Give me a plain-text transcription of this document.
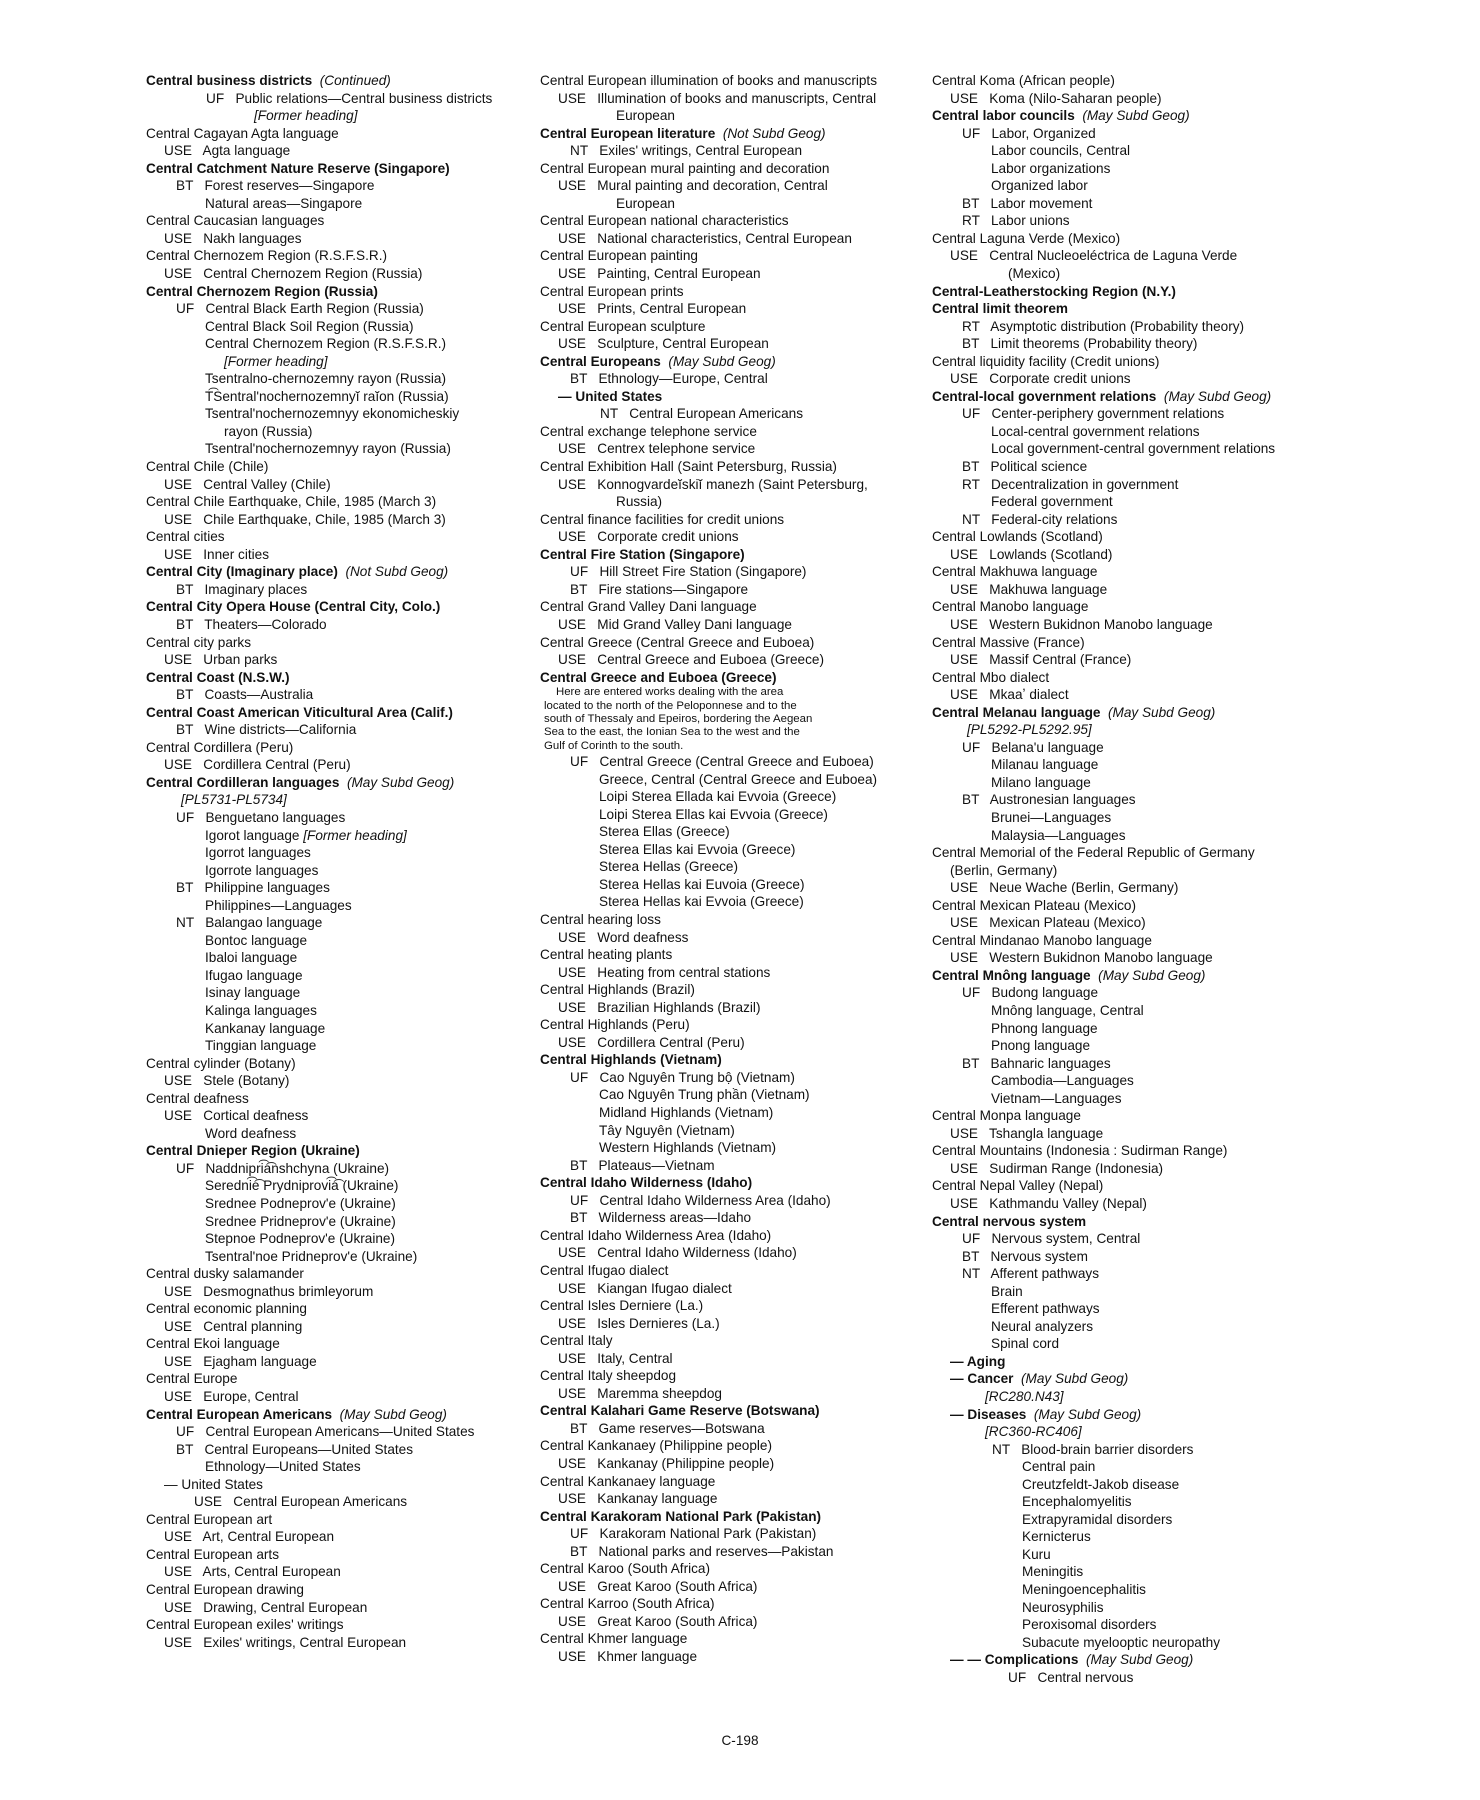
Central business districts  (Continued)
UF   Public relations—Central business districts
[Former heading]
Central Cagayan Agta language
USE   Agta language
Central Catchment Nature Reserve (Singapore)
BT   Forest reserves—Singapore
Natural areas—Singapore
Central Caucasian languages
USE   Nakh languages
Central Chernozem Region (R.S.F.S.R.)
USE   Central Chernozem Region (Russia)
Central Chernozem Region (Russia)
UF   Central Black Earth Region (Russia)
Central Black Soil Region (Russia)
Central Chernozem Region (R.S.F.S.R.)
[Former heading]
Tsentralno-chernozemny rayon (Russia)
T͡Sentralʹnochernozemnyĭ raĭon (Russia)
Tsentralʹnochernozemnyy ekonomicheskiy
rayon (Russia)
Tsentralʹnochernozemnyy rayon (Russia)
Central Chile (Chile)
USE   Central Valley (Chile)
Central Chile Earthquake, Chile, 1985 (March 3)
USE   Chile Earthquake, Chile, 1985 (March 3)
Central cities
USE   Inner cities
Central City (Imaginary place)  (Not Subd Geog)
BT   Imaginary places
Central City Opera House (Central City, Colo.)
BT   Theaters—Colorado
Central city parks
USE   Urban parks
Central Coast (N.S.W.)
BT   Coasts—Australia
Central Coast American Viticultural Area (Calif.)
BT   Wine districts—California
Central Cordillera (Peru)
USE   Cordillera Central (Peru)
Central Cordilleran languages  (May Subd Geog)
[PL5731-PL5734]
UF   Benguetano languages
Igorot language [Former heading]
Igorrot languages
Igorrote languages
BT   Philippine languages
Philippines—Languages
NT   Balangao language
Bontoc language
Ibaloi language
Ifugao language
Isinay language
Kalinga languages
Kankanay language
Tinggian language
Central cylinder (Botany)
USE   Stele (Botany)
Central deafness
USE   Cortical deafness
Word deafness
Central Dnieper Region (Ukraine)
UF   Naddnipri͡a͡nshchyna (Ukraine)
Seredni͡e͡ Prydniprovi͡a͡ (Ukraine)
Srednee Podneprovʹe (Ukraine)
Srednee Pridneprovʹe (Ukraine)
Stepnoe Podneprovʹe (Ukraine)
Tsentralʹnoe Pridneprovʹe (Ukraine)
Central dusky salamander
USE   Desmognathus brimleyorum
Central economic planning
USE   Central planning
Central Ekoi language
USE   Ejagham language
Central Europe
USE   Europe, Central
Central European Americans  (May Subd Geog)
UF   Central European Americans—United States
BT   Central Europeans—United States
Ethnology—United States
— United States
USE   Central European Americans
Central European art
USE   Art, Central European
Central European arts
USE   Arts, Central European
Central European drawing
USE   Drawing, Central European
Central European exiles' writings
USE   Exiles' writings, Central European
Central European illumination of books and manuscripts
USE   Illumination of books and manuscripts, Central
European
Central European literature  (Not Subd Geog)
NT   Exiles' writings, Central European
Central European mural painting and decoration
USE   Mural painting and decoration, Central
European
Central European national characteristics
USE   National characteristics, Central European
Central European painting
USE   Painting, Central European
Central European prints
USE   Prints, Central European
Central European sculpture
USE   Sculpture, Central European
Central Europeans  (May Subd Geog)
BT   Ethnology—Europe, Central
— United States
NT   Central European Americans
Central exchange telephone service
USE   Centrex telephone service
Central Exhibition Hall (Saint Petersburg, Russia)
USE   Konnogvardeĭskiĭ manezh (Saint Petersburg,
Russia)
Central finance facilities for credit unions
USE   Corporate credit unions
Central Fire Station (Singapore)
UF   Hill Street Fire Station (Singapore)
BT   Fire stations—Singapore
Central Grand Valley Dani language
USE   Mid Grand Valley Dani language
Central Greece (Central Greece and Euboea)
USE   Central Greece and Euboea (Greece)
Central Greece and Euboea (Greece)
Here are entered works dealing with the area
located to the north of the Peloponnese and to the
south of Thessaly and Epeiros, bordering the Aegean
Sea to the east, the Ionian Sea to the west and the
Gulf of Corinth to the south.
UF   Central Greece (Central Greece and Euboea)
Greece, Central (Central Greece and Euboea)
Loipi Sterea Ellada kai Evvoia (Greece)
Loipi Sterea Ellas kai Evvoia (Greece)
Sterea Ellas (Greece)
Sterea Ellas kai Evvoia (Greece)
Sterea Hellas (Greece)
Sterea Hellas kai Euvoia (Greece)
Sterea Hellas kai Evvoia (Greece)
Central hearing loss
USE   Word deafness
Central heating plants
USE   Heating from central stations
Central Highlands (Brazil)
USE   Brazilian Highlands (Brazil)
Central Highlands (Peru)
USE   Cordillera Central (Peru)
Central Highlands (Vietnam)
UF   Cao Nguyên Trung bộ (Vietnam)
Cao Nguyên Trung phần (Vietnam)
Midland Highlands (Vietnam)
Tây Nguyên (Vietnam)
Western Highlands (Vietnam)
BT   Plateaus—Vietnam
Central Idaho Wilderness (Idaho)
UF   Central Idaho Wilderness Area (Idaho)
BT   Wilderness areas—Idaho
Central Idaho Wilderness Area (Idaho)
USE   Central Idaho Wilderness (Idaho)
Central Ifugao dialect
USE   Kiangan Ifugao dialect
Central Isles Derniere (La.)
USE   Isles Dernieres (La.)
Central Italy
USE   Italy, Central
Central Italy sheepdog
USE   Maremma sheepdog
Central Kalahari Game Reserve (Botswana)
BT   Game reserves—Botswana
Central Kankanaey (Philippine people)
USE   Kankanay (Philippine people)
Central Kankanaey language
USE   Kankanay language
Central Karakoram National Park (Pakistan)
UF   Karakoram National Park (Pakistan)
BT   National parks and reserves—Pakistan
Central Karoo (South Africa)
USE   Great Karoo (South Africa)
Central Karroo (South Africa)
USE   Great Karoo (South Africa)
Central Khmer language
USE   Khmer language
Central Koma (African people)
USE   Koma (Nilo-Saharan people)
Central labor councils  (May Subd Geog)
UF   Labor, Organized
Labor councils, Central
Labor organizations
Organized labor
BT   Labor movement
RT   Labor unions
Central Laguna Verde (Mexico)
USE   Central Nucleoeléctrica de Laguna Verde
(Mexico)
Central-Leatherstocking Region (N.Y.)
Central limit theorem
RT   Asymptotic distribution (Probability theory)
BT   Limit theorems (Probability theory)
Central liquidity facility (Credit unions)
USE   Corporate credit unions
Central-local government relations  (May Subd Geog)
UF   Center-periphery government relations
Local-central government relations
Local government-central government relations
BT   Political science
RT   Decentralization in government
Federal government
NT   Federal-city relations
Central Lowlands (Scotland)
USE   Lowlands (Scotland)
Central Makhuwa language
USE   Makhuwa language
Central Manobo language
USE   Western Bukidnon Manobo language
Central Massive (France)
USE   Massif Central (France)
Central Mbo dialect
USE   Mkaaʼ dialect
Central Melanau language  (May Subd Geog)
[PL5292-PL5292.95]
UF   Belana'u language
Milanau language
Milano language
BT   Austronesian languages
Brunei—Languages
Malaysia—Languages
Central Memorial of the Federal Republic of Germany
(Berlin, Germany)
USE   Neue Wache (Berlin, Germany)
Central Mexican Plateau (Mexico)
USE   Mexican Plateau (Mexico)
Central Mindanao Manobo language
USE   Western Bukidnon Manobo language
Central Mnông language  (May Subd Geog)
UF   Budong language
Mnông language, Central
Phnong language
Pnong language
BT   Bahnaric languages
Cambodia—Languages
Vietnam—Languages
Central Monpa language
USE   Tshangla language
Central Mountains (Indonesia : Sudirman Range)
USE   Sudirman Range (Indonesia)
Central Nepal Valley (Nepal)
USE   Kathmandu Valley (Nepal)
Central nervous system
UF   Nervous system, Central
BT   Nervous system
NT   Afferent pathways
Brain
Efferent pathways
Neural analyzers
Spinal cord
— Aging
— Cancer  (May Subd Geog)
[RC280.N43]
— Diseases  (May Subd Geog)
[RC360-RC406]
NT   Blood-brain barrier disorders
Central pain
Creutzfeldt-Jakob disease
Encephalomyelitis
Extrapyramidal disorders
Kernicterus
Kuru
Meningitis
Meningoencephalitis
Neurosyphilis
Peroxisomal disorders
Subacute myelooptic neuropathy
— — Complications  (May Subd Geog)
UF   Central nervous
C-198
